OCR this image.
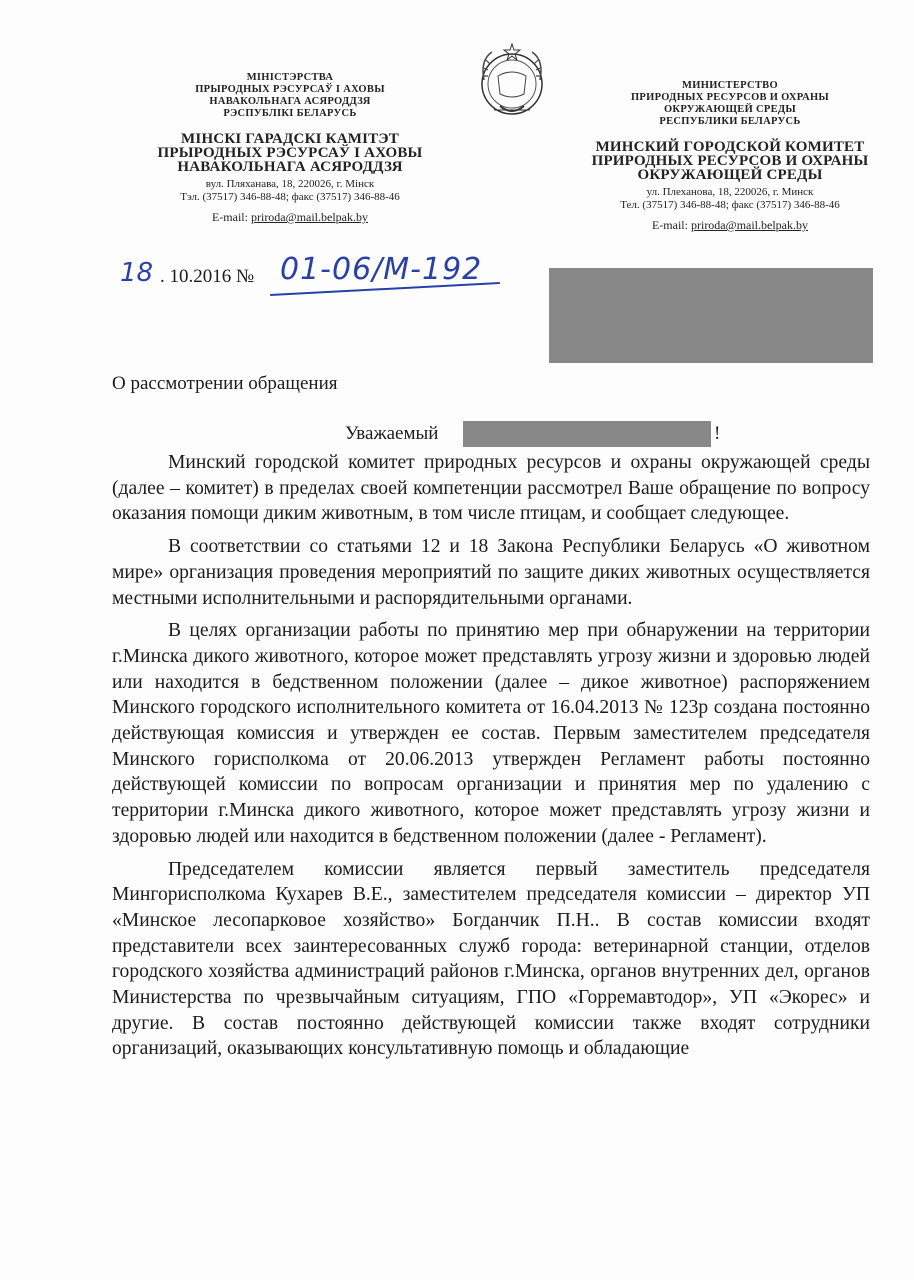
МІНІСТЭРСТВА
ПРЫРОДНЫХ РЭСУРСАЎ І АХОВЫ
НАВАКОЛЬНАГА АСЯРОДДЗЯ
РЭСПУБЛІКІ БЕЛАРУСЬ
МІНСКІ ГАРАДСКІ КАМІТЭТ
ПРЫРОДНЫХ РЭСУРСАЎ І АХОВЫ
НАВАКОЛЬНАГА АСЯРОДДЗЯ
вул. Пляханава, 18, 220026, г. Мінск
Тэл. (37517) 346-88-48; факс (37517) 346-88-46
E-mail: priroda@mail.belpak.by
МИНИСТЕРСТВО
ПРИРОДНЫХ РЕСУРСОВ И ОХРАНЫ
ОКРУЖАЮЩЕЙ СРЕДЫ
РЕСПУБЛИКИ БЕЛАРУСЬ
МИНСКИЙ ГОРОДСКОЙ КОМИТЕТ
ПРИРОДНЫХ РЕСУРСОВ И ОХРАНЫ
ОКРУЖАЮЩЕЙ СРЕДЫ
ул. Плеханова, 18, 220026, г. Минск
Тел. (37517) 346-88-48; факс (37517) 346-88-46
E-mail: priroda@mail.belpak.by
18 . 10.2016 № 01-06/М-192
О рассмотрении обращения
Уважаемый	!

Минский городской комитет природных ресурсов и охраны окружающей среды (далее – комитет) в пределах своей компетенции рассмотрел Ваше обращение по вопросу оказания помощи диким животным, в том числе птицам, и сообщает следующее.

В соответствии со статьями 12 и 18 Закона Республики Беларусь «О животном мире» организация проведения мероприятий по защите диких животных осуществляется местными исполнительными и распорядительными органами.

В целях организации работы по принятию мер при обнаружении на территории г.Минска дикого животного, которое может представлять угрозу жизни и здоровью людей или находится в бедственном положении (далее – дикое животное) распоряжением Минского городского исполнительного комитета от 16.04.2013 № 123р создана постоянно действующая комиссия и утвержден ее состав. Первым заместителем председателя Минского горисполкома от 20.06.2013 утвержден Регламент работы постоянно действующей комиссии по вопросам организации и принятия мер по удалению с территории г.Минска дикого животного, которое может представлять угрозу жизни и здоровью людей или находится в бедственном положении (далее - Регламент).

Председателем комиссии является первый заместитель председателя Мингорисполкома Кухарев В.Е., заместителем председателя комиссии – директор УП «Минское лесопарковое хозяйство» Богданчик П.Н.. В состав комиссии входят представители всех заинтересованных служб города: ветеринарной станции, отделов городского хозяйства администраций районов г.Минска, органов внутренних дел, органов Министерства по чрезвычайным ситуациям, ГПО «Горремавтодор», УП «Экорес» и другие. В состав постоянно действующей комиссии также входят сотрудники организаций, оказывающих консультативную помощь и обладающие
